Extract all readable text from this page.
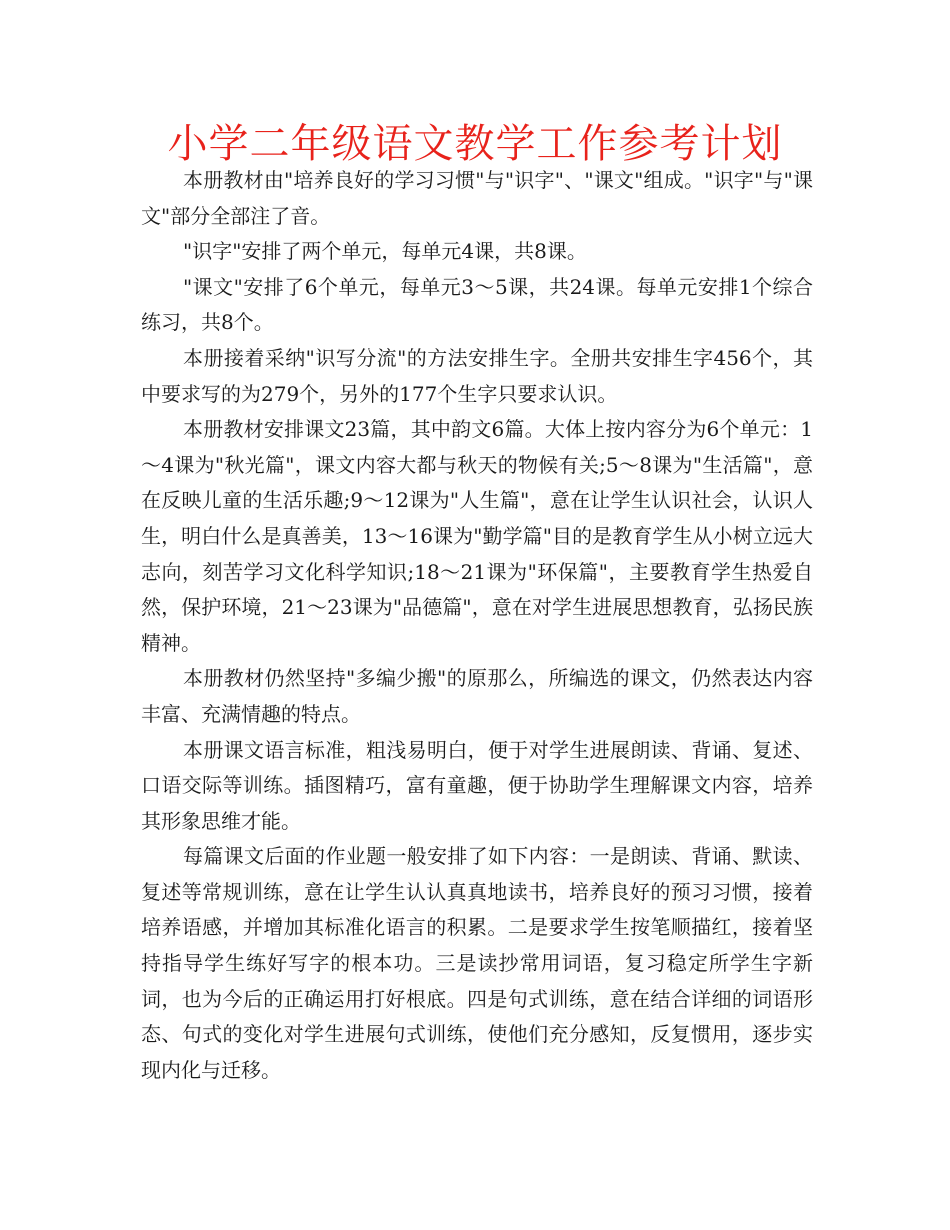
小学二年级语文教学工作参考计划

本册教材由"培养良好的学习习惯"与"识字"、"课文"组成。"识字"与"课文"部分全部注了音。

"识字"安排了两个单元，每单元4课，共8课。

"课文"安排了6个单元，每单元3～5课，共24课。每单元安排1个综合练习，共8个。

本册接着采纳"识写分流"的方法安排生字。全册共安排生字456个，其中要求写的为279个，另外的177个生字只要求认识。

本册教材安排课文23篇，其中韵文6篇。大体上按内容分为6个单元：1～4课为"秋光篇"，课文内容大都与秋天的物候有关;5～8课为"生活篇"，意在反映儿童的生活乐趣;9～12课为"人生篇"，意在让学生认识社会，认识人生，明白什么是真善美，13～16课为"勤学篇"目的是教育学生从小树立远大志向，刻苦学习文化科学知识;18～21课为"环保篇"，主要教育学生热爱自然，保护环境，21～23课为"品德篇"，意在对学生进展思想教育，弘扬民族精神。

本册教材仍然坚持"多编少搬"的原那么，所编选的课文，仍然表达内容丰富、充满情趣的特点。

本册课文语言标准，粗浅易明白，便于对学生进展朗读、背诵、复述、口语交际等训练。插图精巧，富有童趣，便于协助学生理解课文内容，培养其形象思维才能。

每篇课文后面的作业题一般安排了如下内容：一是朗读、背诵、默读、复述等常规训练，意在让学生认认真真地读书，培养良好的预习习惯，接着培养语感，并增加其标准化语言的积累。二是要求学生按笔顺描红，接着坚持指导学生练好写字的根本功。三是读抄常用词语，复习稳定所学生字新词，也为今后的正确运用打好根底。四是句式训练，意在结合详细的词语形态、句式的变化对学生进展句式训练，使他们充分感知，反复惯用，逐步实现内化与迁移。
